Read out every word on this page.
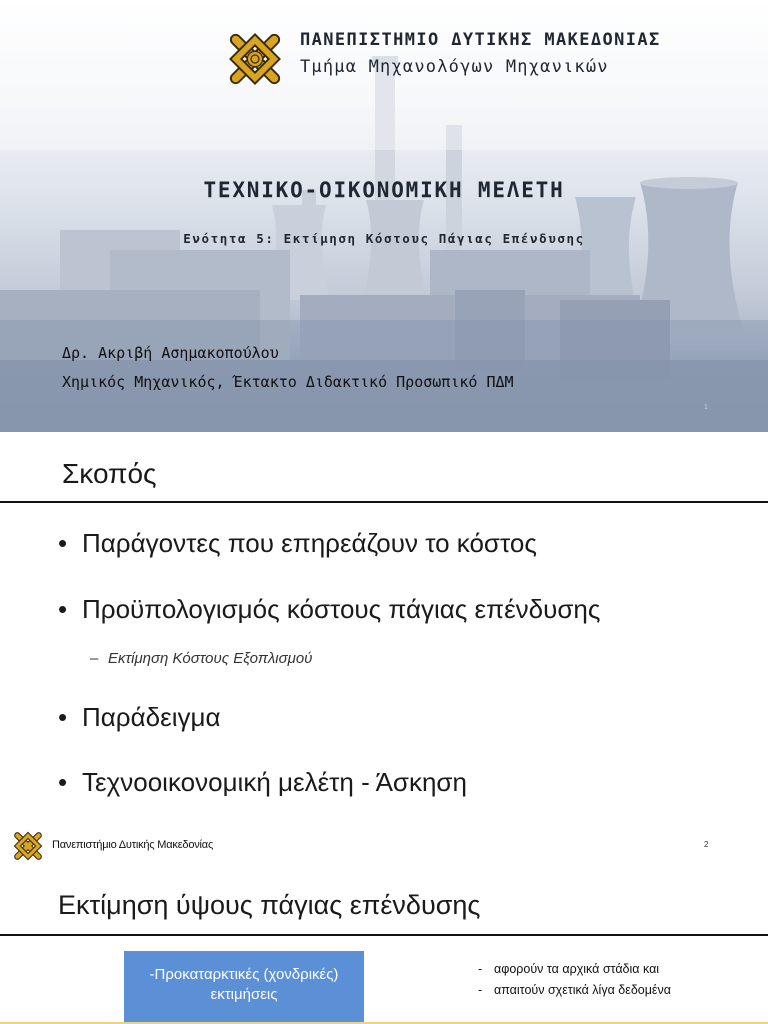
ΠΑΝΕΠΙΣΤΗΜΙΟ ΔΥΤΙΚΗΣ ΜΑΚΕΔΟΝΙΑΣ
Τμήμα Μηχανολόγων Μηχανικών
ΤΕΧΝΙΚΟ-ΟΙΚΟΝΟΜΙΚΗ ΜΕΛΕΤΗ
Ενότητα 5: Εκτίμηση Κόστους Πάγιας Επένδυσης
Δρ. Ακριβή Ασημακοπούλου
Χημικός Μηχανικός, Έκτακτο Διδακτικό Προσωπικό ΠΔΜ
1
Σκοπός
• Παράγοντες που επηρεάζουν το κόστος
• Προϋπολογισμός κόστους πάγιας επένδυσης
– Εκτίμηση Κόστους Εξοπλισμού
• Παράδειγμα
• Τεχνοοικονομική μελέτη - Άσκηση
Πανεπιστήμιο Δυτικής Μακεδονίας	2
Εκτίμηση ύψους πάγιας επένδυσης
-Προκαταρκτικές (χονδρικές)
εκτιμήσεις
- αφορούν τα αρχικά στάδια και
- απαιτούν σχετικά λίγα δεδομένα
